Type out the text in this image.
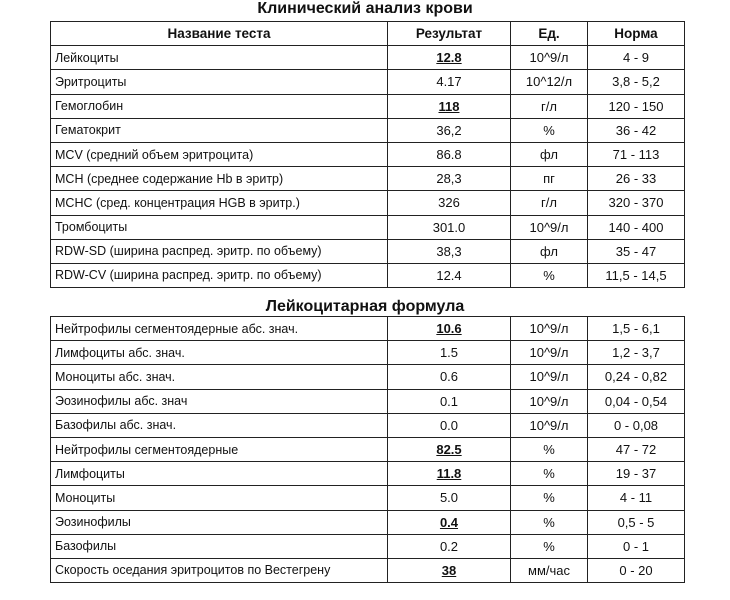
Клинический анализ крови
Название теста	Результат	Ед.	Норма
Лейкоциты	12.8	10^9/л	4 - 9
Эритроциты	4.17	10^12/л	3,8 - 5,2
Гемоглобин	118	г/л	120 - 150
Гематокрит	36,2	%	36 - 42
MCV (средний объем эритроцита)	86.8	фл	71 - 113
MCH (среднее содержание Hb в эритр)	28,3	пг	26 - 33
MCHC (сред. концентрация HGB в эритр.)	326	г/л	320 - 370
Тромбоциты	301.0	10^9/л	140 - 400
RDW-SD (ширина распред. эритр. по объему)	38,3	фл	35 - 47
RDW-CV (ширина распред. эритр. по объему)	12.4	%	11,5 - 14,5
Лейкоцитарная формула
Нейтрофилы сегментоядерные абс. знач.	10.6	10^9/л	1,5 - 6,1
Лимфоциты абс. знач.	1.5	10^9/л	1,2 - 3,7
Моноциты абс. знач.	0.6	10^9/л	0,24 - 0,82
Эозинофилы абс. знач	0.1	10^9/л	0,04 - 0,54
Базофилы абс. знач.	0.0	10^9/л	0 - 0,08
Нейтрофилы сегментоядерные	82.5	%	47 - 72
Лимфоциты	11.8	%	19 - 37
Моноциты	5.0	%	4 - 11
Эозинофилы	0.4	%	0,5 - 5
Базофилы	0.2	%	0 - 1
Скорость оседания эритроцитов по Вестегрену	38	мм/час	0 - 20
